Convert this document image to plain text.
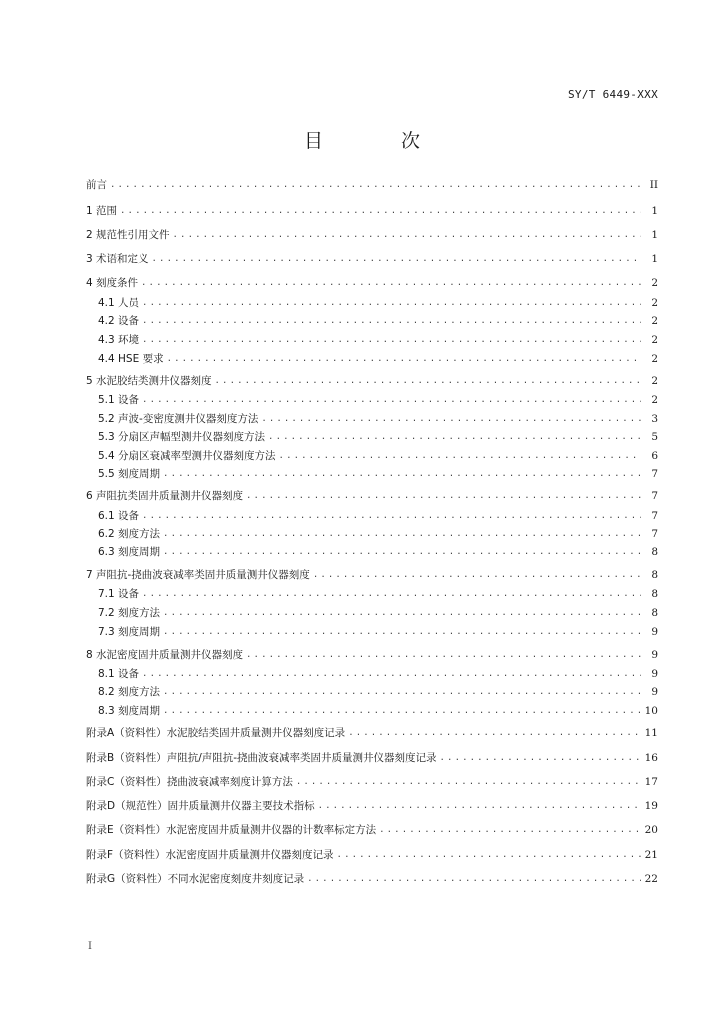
SY/T 6449-XXX
目 次
前言 .....	II
1 范围 .....	1
2 规范性引用文件 .....	1
3 术语和定义 .....	1
4 刻度条件 .....	2
4.1 人员 .....	2
4.2 设备 .....	2
4.3 环境 .....	2
4.4 HSE 要求 .....	2
5 水泥胶结类测井仪器刻度 .....	2
5.1 设备 .....	2
5.2 声波-变密度测井仪器刻度方法 .....	3
5.3 分扇区声幅型测井仪器刻度方法 .....	5
5.4 分扇区衰减率型测井仪器刻度方法 .....	6
5.5 刻度周期 .....	7
6 声阻抗类固井质量测井仪器刻度 .....	7
6.1 设备 .....	7
6.2 刻度方法 .....	7
6.3 刻度周期 .....	8
7 声阻抗-挠曲波衰减率类固井质量测井仪器刻度 .....	8
7.1 设备 .....	8
7.2 刻度方法 .....	8
7.3 刻度周期 .....	9
8 水泥密度固井质量测井仪器刻度 .....	9
8.1 设备 .....	9
8.2 刻度方法 .....	9
8.3 刻度周期 .....	10
附录A（资料性）水泥胶结类固井质量测井仪器刻度记录 .....	11
附录B（资料性）声阻抗/声阻抗-挠曲波衰减率类固井质量测井仪器刻度记录 .....	16
附录C（资料性）挠曲波衰减率刻度计算方法 .....	17
附录D（规范性）固井质量测井仪器主要技术指标 .....	19
附录E（资料性）水泥密度固井质量测井仪器的计数率标定方法 .....	20
附录F（资料性）水泥密度固井质量测井仪器刻度记录 .....	21
附录G（资料性）不同水泥密度刻度井刻度记录 .....	22
I
